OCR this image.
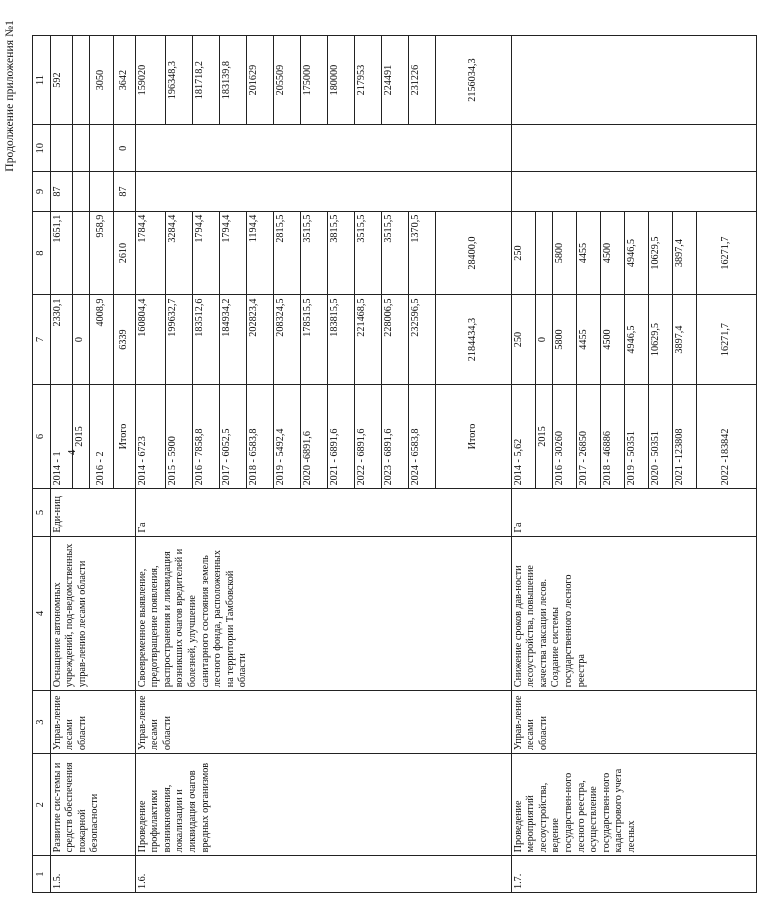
Продолжение приложения №1
4
1	2	3	4	5	6	7	8	9	10	11
1.5.	Развитие сис-темы и средств обеспечения пожарной безопасности	Управ-ление лесами области	Оснащение автономных учреждений, под-ведомственных управ-лению лесами области	Еди-ниц	2014 - 1	2330,1	1651,1	87		592
					2015	0				
					2016 - 2	4008,9	958,9			3050
					Итого	6339	2610	87	0	3642
1.6.	Проведение профилактики возникновения, локализации и ликвидация очагов вредных организмов	Управ-ление лесами области	Своевременное выявление, предотвращение появления, распространения и ликвидация возникших очагов вредителей и болезней, улучшение санитарного состояния земель лесного фонда, расположенных на территории Тамбовской области	Га	2014 - 6723	160804,4	1784,4			159020
					2015 - 5900	199632,7	3284,4			196348,3
					2016 - 7858,8	183512,6	1794,4			181718,2
					2017 - 6052,5	184934,2	1794,4			183139,8
					2018 - 6583,8	202823,4	1194,4			201629
					2019 - 5492,4	208324,5	2815,5			205509
					2020 -6891,6	178515,5	3515,5			175000
					2021 - 6891,6	183815,5	3815,5			180000
					2022 - 6891,6	221468,5	3515,5			217953
					2023 - 6891,6	228006,5	3515,5			224491
					2024 - 6583,8	232596,5	1370,5			231226
					Итого	2184434,3	28400,0			2156034,3
1.7.	Проведение мероприятий лесоустройства, ведение государствен-ного лесного реестра, осуществление государствен-ного кадастрового учета лесных	Управ-ление лесами области	Снижение сроков дав-ности лесоустройства, повышение качества таксации лесов. Создание системы государственного лесного реестра	Га	2014 - 5,62	250	250			
					2015	0				
					2016 - 30260	5800	5800			
					2017 - 26850	4455	4455			
					2018 - 46886	4500	4500			
					2019 - 50351	4946,5	4946,5			
					2020 - 50351	10629,5	10629,5			
					2021 -123808	3897,4	3897,4			
					2022 -183842	16271,7	16271,7			
